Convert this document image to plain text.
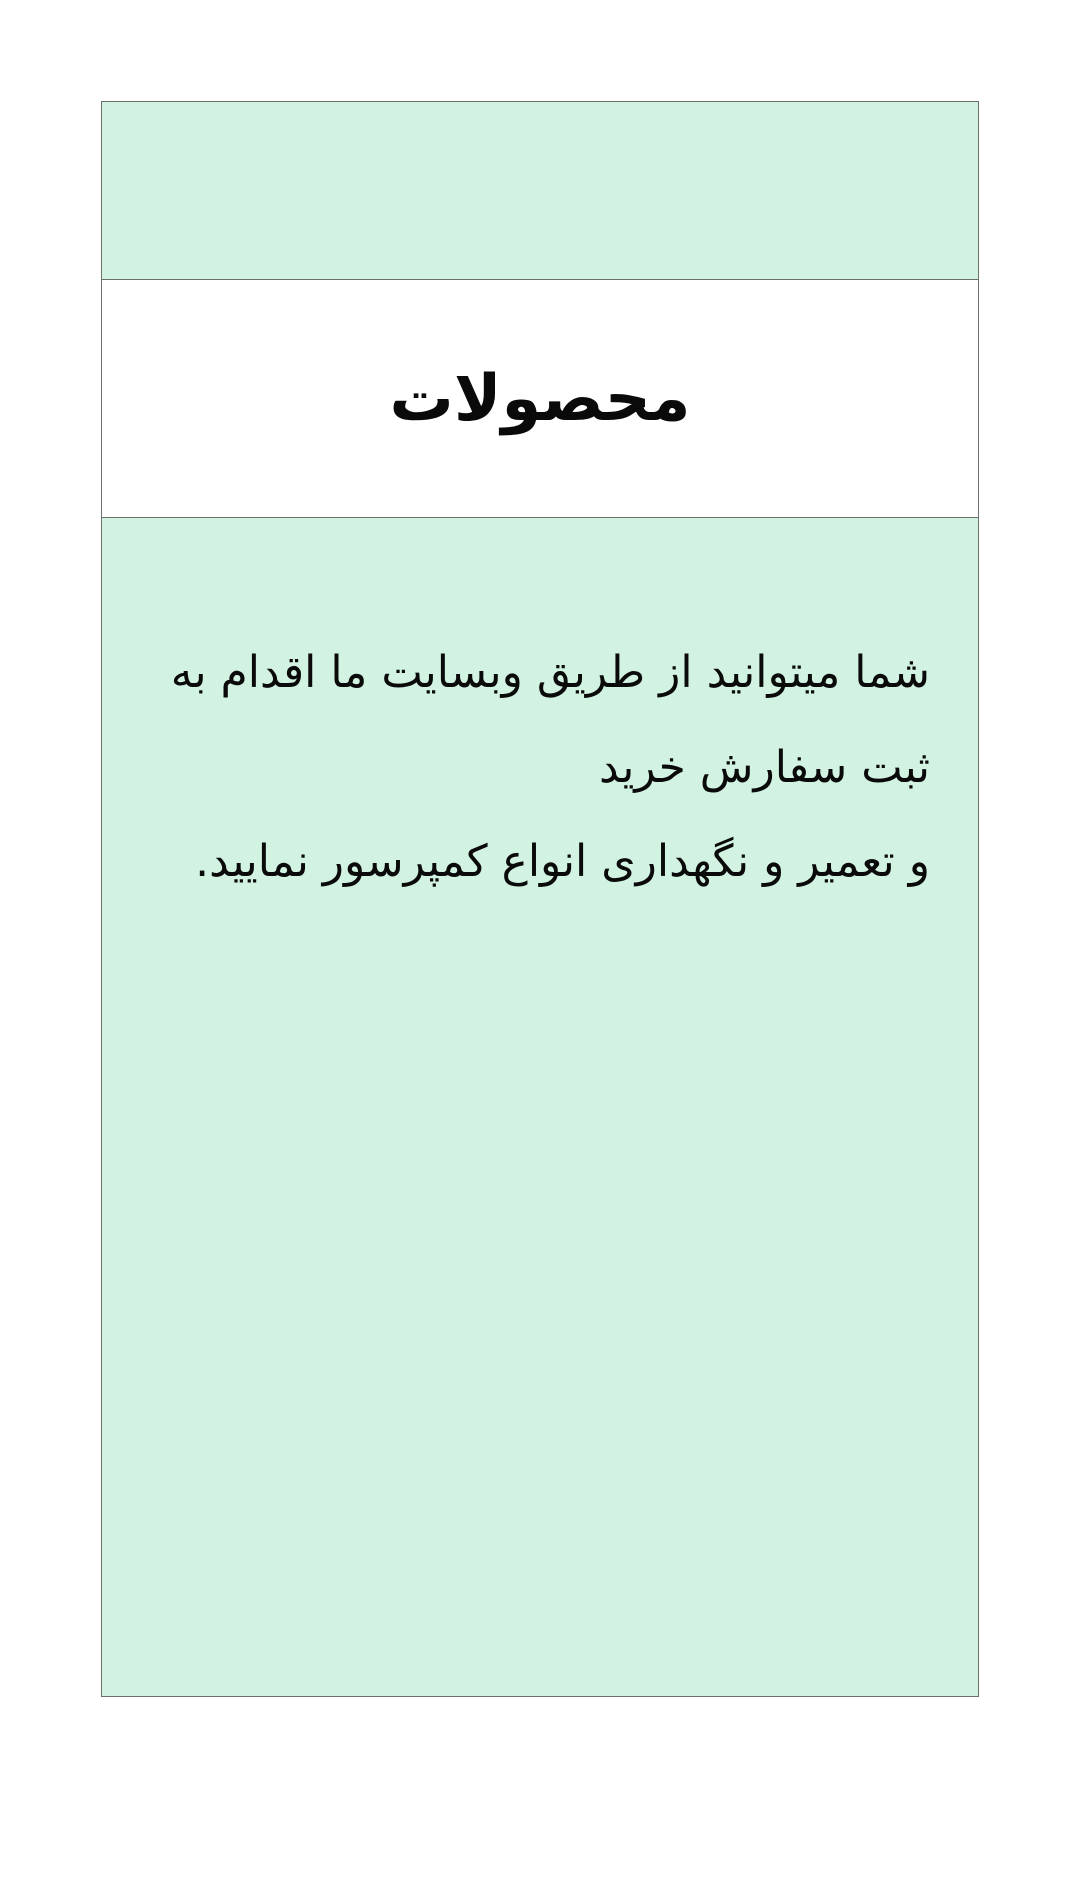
محصولات

شما میتوانید از طریق وبسایت ما اقدام به ثبت سفارش خرید
و تعمیر و نگهداری انواع کمپرسور نمایید.
